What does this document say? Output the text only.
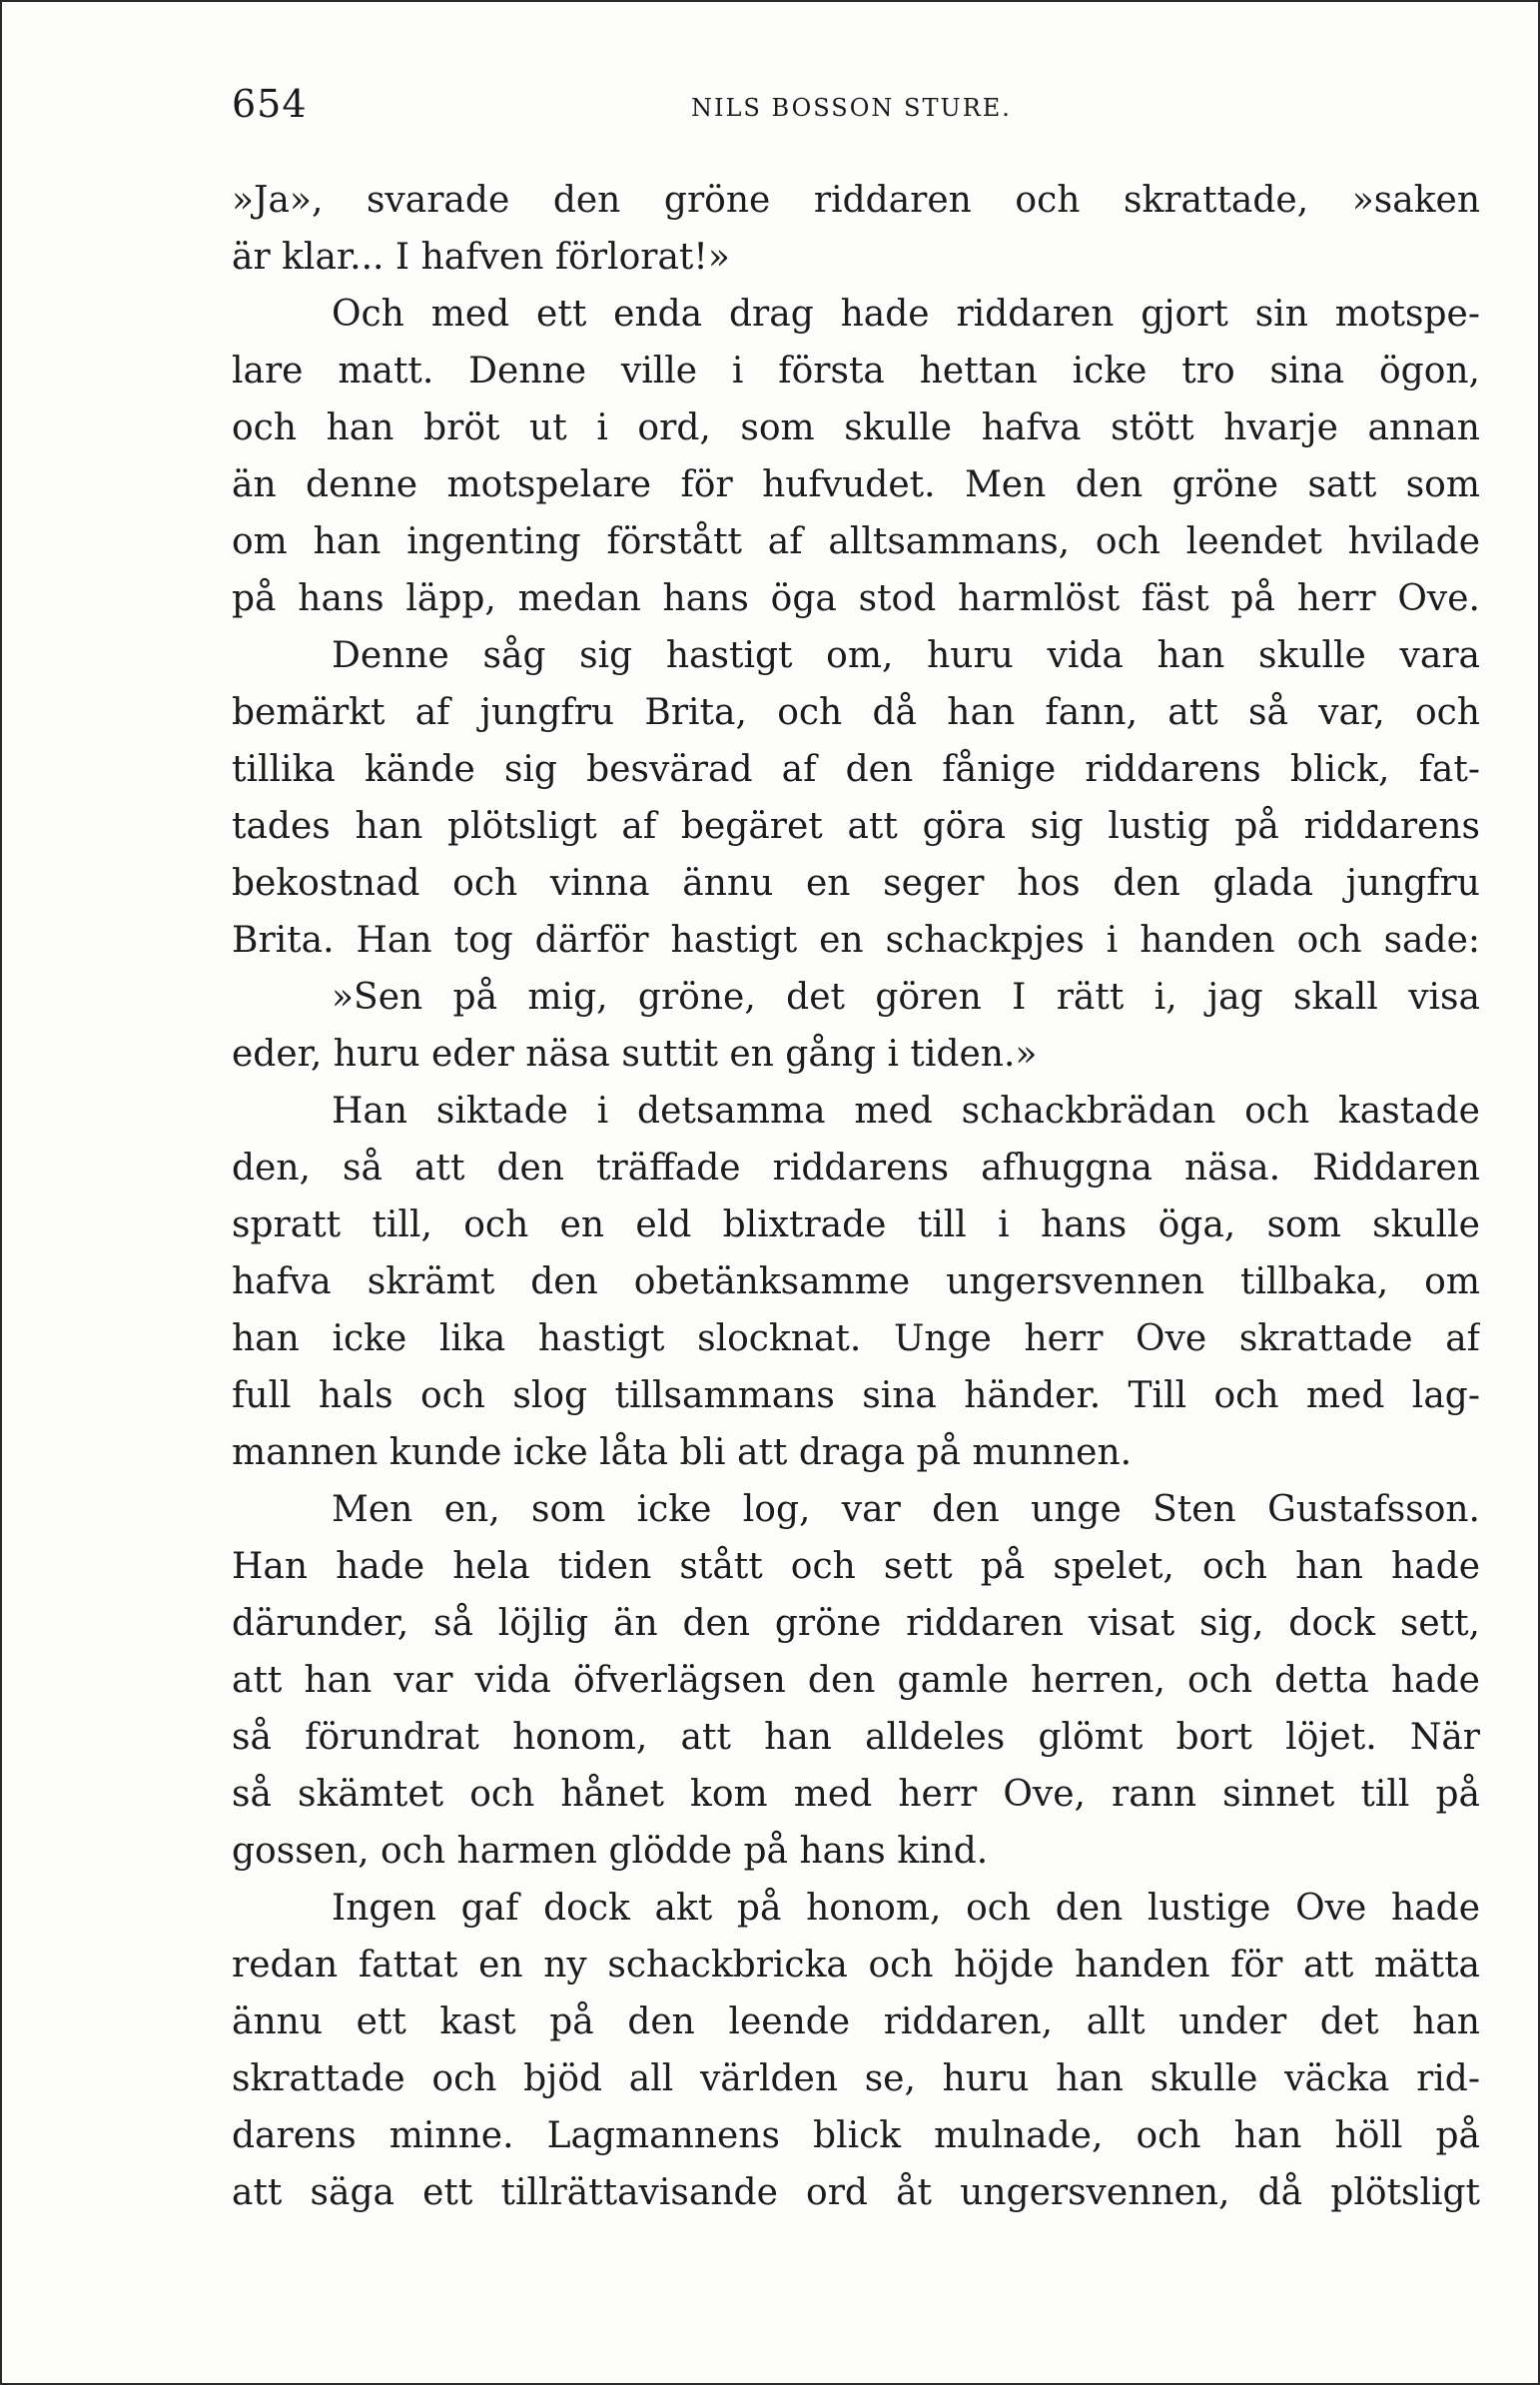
654	NILS BOSSON STURE.
»Ja», svarade den gröne riddaren och skrattade, »saken
är klar... I hafven förlorat!»
Och med ett enda drag hade riddaren gjort sin motspe-
lare matt. Denne ville i första hettan icke tro sina ögon,
och han bröt ut i ord, som skulle hafva stött hvarje annan
än denne motspelare för hufvudet. Men den gröne satt som
om han ingenting förstått af alltsammans, och leendet hvilade
på hans läpp, medan hans öga stod harmlöst fäst på herr Ove.
Denne såg sig hastigt om, huru vida han skulle vara
bemärkt af jungfru Brita, och då han fann, att så var, och
tillika kände sig besvärad af den fånige riddarens blick, fat-
tades han plötsligt af begäret att göra sig lustig på riddarens
bekostnad och vinna ännu en seger hos den glada jungfru
Brita. Han tog därför hastigt en schackpjes i handen och sade:
»Sen på mig, gröne, det gören I rätt i, jag skall visa
eder, huru eder näsa suttit en gång i tiden.»
Han siktade i detsamma med schackbrädan och kastade
den, så att den träffade riddarens afhuggna näsa. Riddaren
spratt till, och en eld blixtrade till i hans öga, som skulle
hafva skrämt den obetänksamme ungersvennen tillbaka, om
han icke lika hastigt slocknat. Unge herr Ove skrattade af
full hals och slog tillsammans sina händer. Till och med lag-
mannen kunde icke låta bli att draga på munnen.
Men en, som icke log, var den unge Sten Gustafsson.
Han hade hela tiden stått och sett på spelet, och han hade
därunder, så löjlig än den gröne riddaren visat sig, dock sett,
att han var vida öfverlägsen den gamle herren, och detta hade
så förundrat honom, att han alldeles glömt bort löjet. När
så skämtet och hånet kom med herr Ove, rann sinnet till på
gossen, och harmen glödde på hans kind.
Ingen gaf dock akt på honom, och den lustige Ove hade
redan fattat en ny schackbricka och höjde handen för att mätta
ännu ett kast på den leende riddaren, allt under det han
skrattade och bjöd all världen se, huru han skulle väcka rid-
darens minne. Lagmannens blick mulnade, och han höll på
att säga ett tillrättavisande ord åt ungersvennen, då plötsligt
